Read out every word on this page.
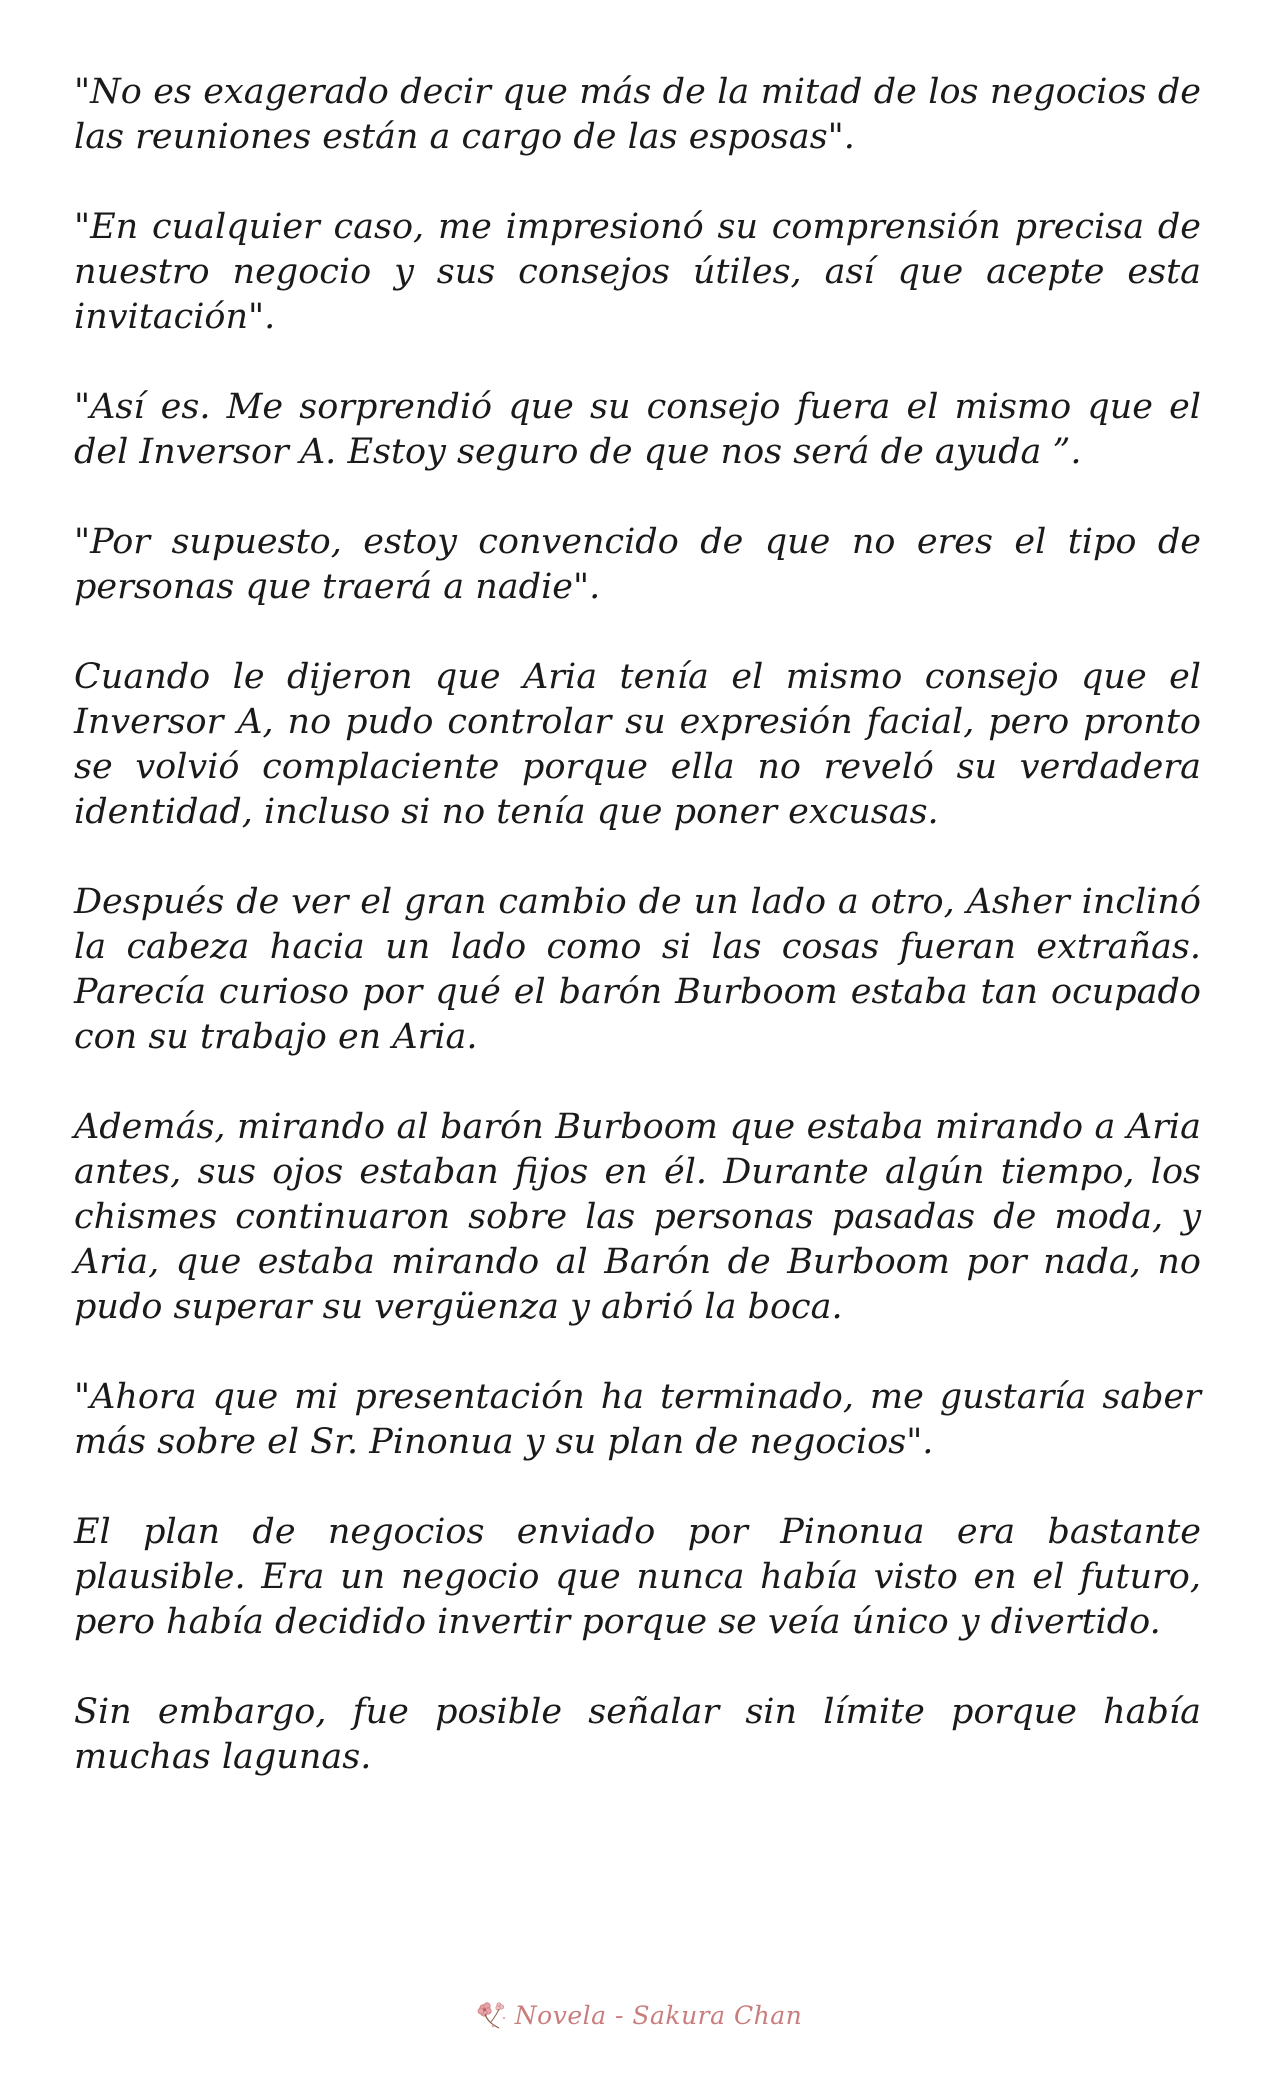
"No es exagerado decir que más de la mitad de los negocios de las reuniones están a cargo de las esposas".

"En cualquier caso, me impresionó su comprensión precisa de nuestro negocio y sus consejos útiles, así que acepte esta invitación".

"Así es. Me sorprendió que su consejo fuera el mismo que el del Inversor A. Estoy seguro de que nos será de ayuda ”.

"Por supuesto, estoy convencido de que no eres el tipo de personas que traerá a nadie".

Cuando le dijeron que Aria tenía el mismo consejo que el Inversor A, no pudo controlar su expresión facial, pero pronto se volvió complaciente porque ella no reveló su verdadera identidad, incluso si no tenía que poner excusas.

Después de ver el gran cambio de un lado a otro, Asher inclinó la cabeza hacia un lado como si las cosas fueran extrañas. Parecía curioso por qué el barón Burboom estaba tan ocupado con su trabajo en Aria.

Además, mirando al barón Burboom que estaba mirando a Aria antes, sus ojos estaban fijos en él. Durante algún tiempo, los chismes continuaron sobre las personas pasadas de moda, y Aria, que estaba mirando al Barón de Burboom por nada, no pudo superar su vergüenza y abrió la boca.

"Ahora que mi presentación ha terminado, me gustaría saber más sobre el Sr. Pinonua y su plan de negocios".

El plan de negocios enviado por Pinonua era bastante plausible. Era un negocio que nunca había visto en el futuro, pero había decidido invertir porque se veía único y divertido.

Sin embargo, fue posible señalar sin límite porque había muchas lagunas.

Novela - Sakura Chan
